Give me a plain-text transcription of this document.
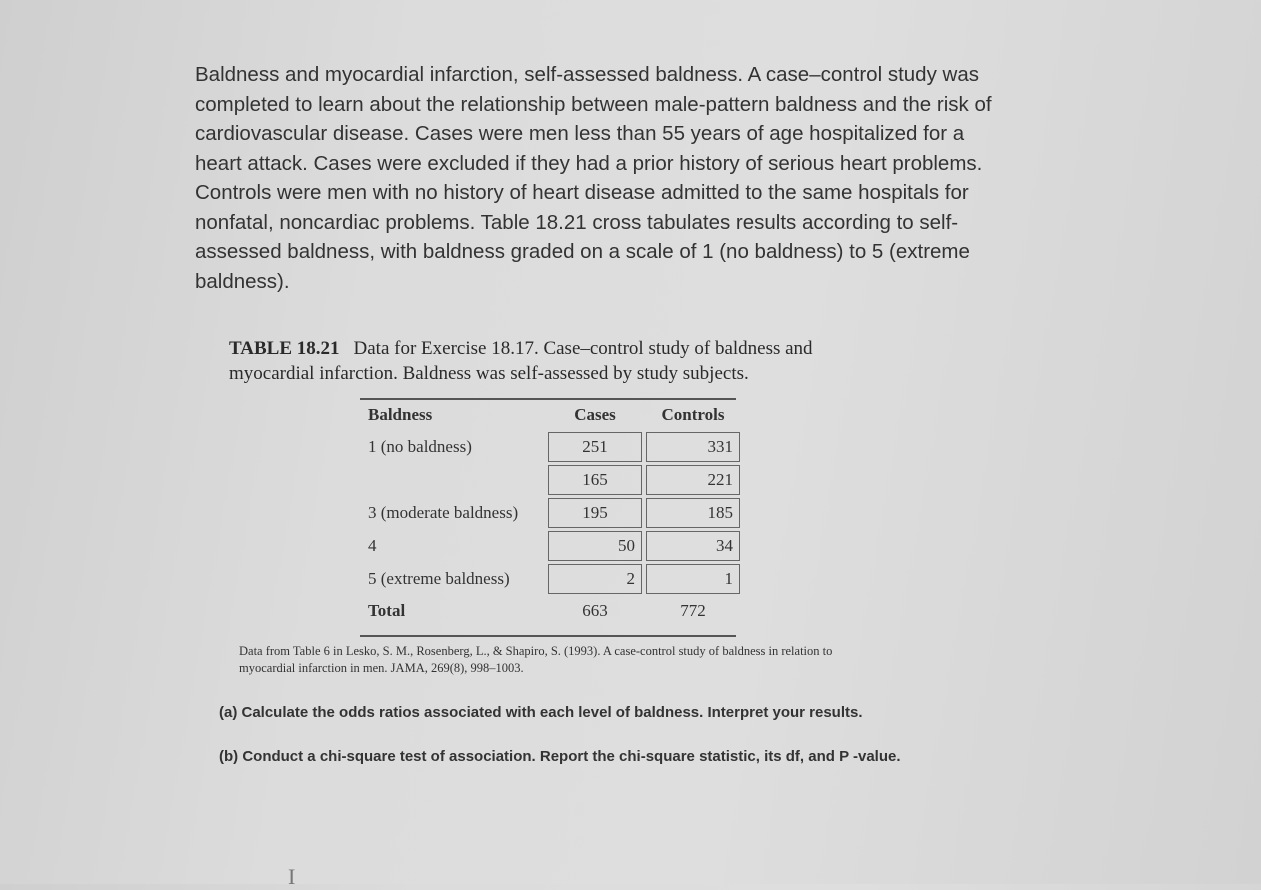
Baldness and myocardial infarction, self-assessed baldness. A case–control study was completed to learn about the relationship between male-pattern baldness and the risk of cardiovascular disease. Cases were men less than 55 years of age hospitalized for a heart attack. Cases were excluded if they had a prior history of serious heart problems. Controls were men with no history of heart disease admitted to the same hospitals for nonfatal, noncardiac problems. Table 18.21 cross tabulates results according to self-assessed baldness, with baldness graded on a scale of 1 (no baldness) to 5 (extreme baldness).
TABLE 18.21 Data for Exercise 18.17. Case–control study of baldness and myocardial infarction. Baldness was self-assessed by study subjects.
Baldness	Cases	Controls
1 (no baldness)	251	331
	165	221
3 (moderate baldness)	195	185
4	50	34
5 (extreme baldness)	2	1
Total	663	772
Data from Table 6 in Lesko, S. M., Rosenberg, L., & Shapiro, S. (1993). A case-control study of baldness in relation to myocardial infarction in men. JAMA, 269(8), 998–1003.
(a) Calculate the odds ratios associated with each level of baldness. Interpret your results.
(b) Conduct a chi-square test of association. Report the chi-square statistic, its df, and P -value.
I
